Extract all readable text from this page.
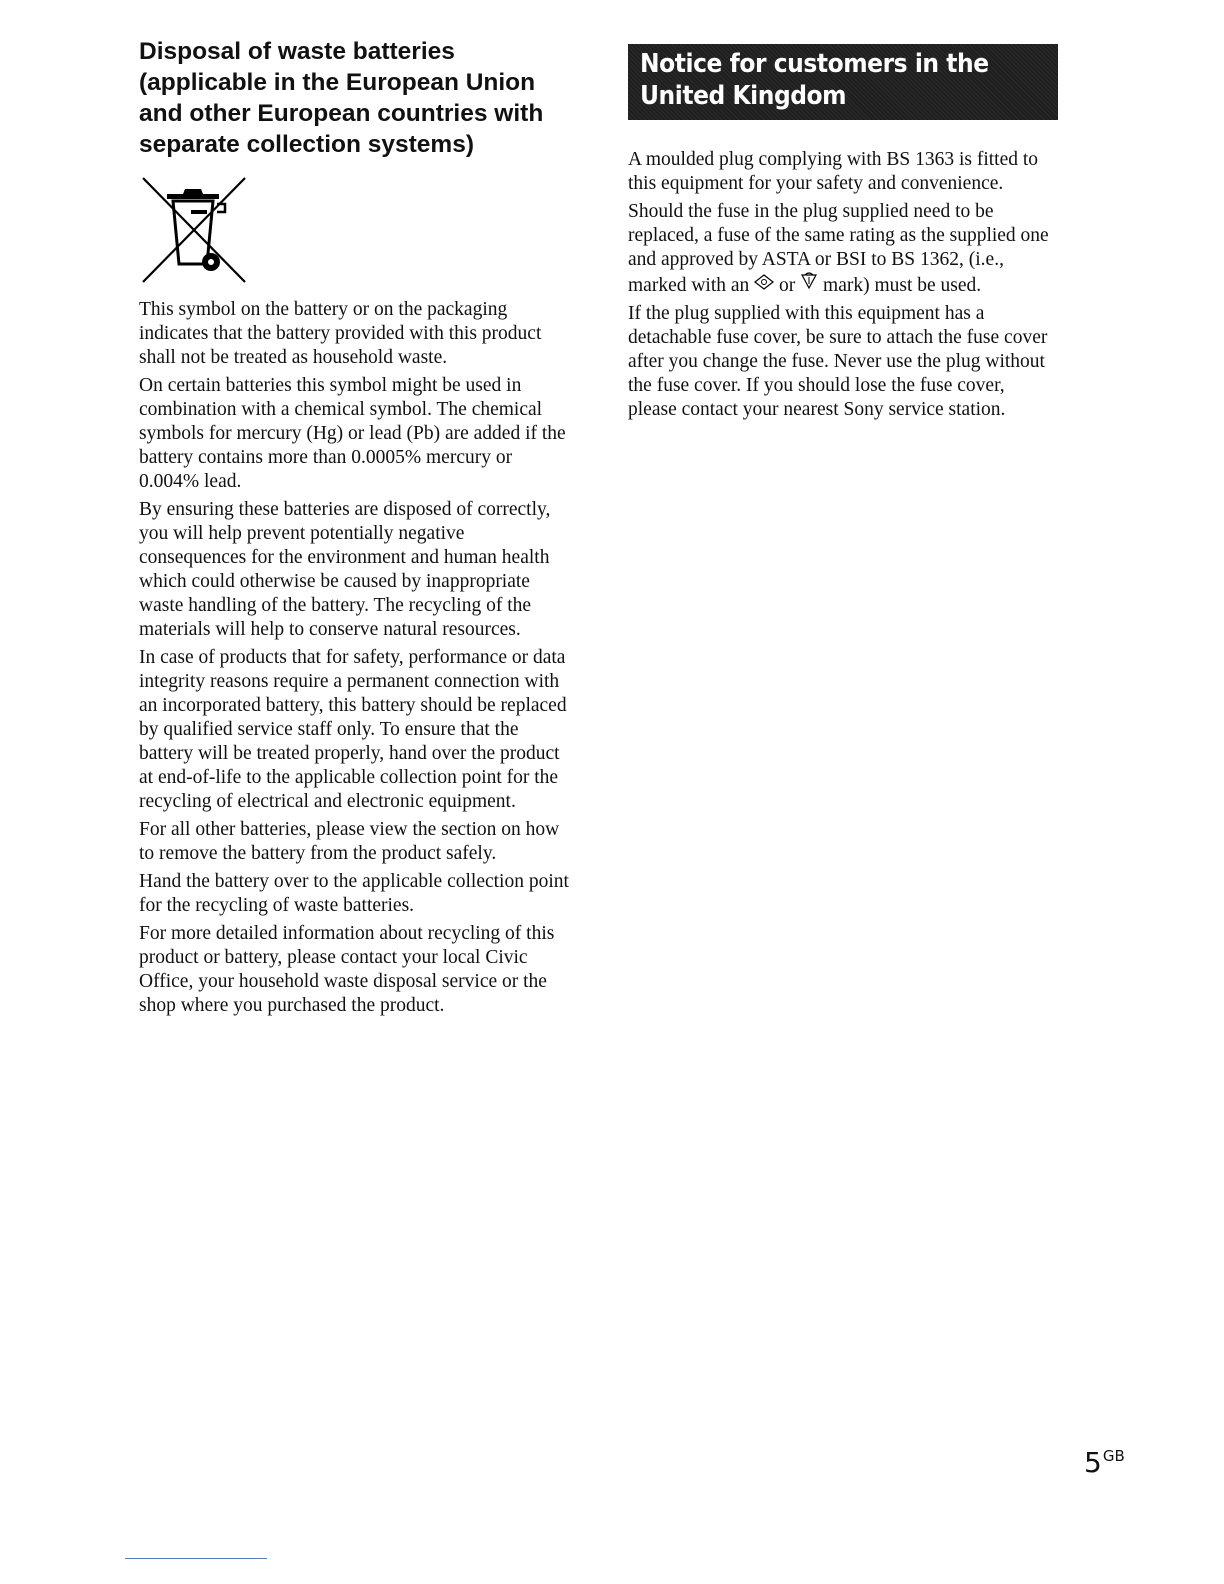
Disposal of waste batteries (applicable in the European Union and other European countries with separate collection systems)

This symbol on the battery or on the packaging indicates that the battery provided with this product shall not be treated as household waste.

On certain batteries this symbol might be used in combination with a chemical symbol. The chemical symbols for mercury (Hg) or lead (Pb) are added if the battery contains more than 0.0005% mercury or 0.004% lead.

By ensuring these batteries are disposed of correctly, you will help prevent potentially negative consequences for the environment and human health which could otherwise be caused by inappropriate waste handling of the battery. The recycling of the materials will help to conserve natural resources.

In case of products that for safety, performance or data integrity reasons require a permanent connection with an incorporated battery, this battery should be replaced by qualified service staff only. To ensure that the battery will be treated properly, hand over the product at end-of-life to the applicable collection point for the recycling of electrical and electronic equipment.

For all other batteries, please view the section on how to remove the battery from the product safely.

Hand the battery over to the applicable collection point for the recycling of waste batteries.

For more detailed information about recycling of this product or battery, please contact your local Civic Office, your household waste disposal service or the shop where you purchased the product.

Notice for customers in the
United Kingdom

A moulded plug complying with BS 1363 is fitted to this equipment for your safety and convenience.

Should the fuse in the plug supplied need to be replaced, a fuse of the same rating as the supplied one and approved by ASTA or BSI to BS 1362, (i.e., marked with an  or  mark) must be used.

If the plug supplied with this equipment has a detachable fuse cover, be sure to attach the fuse cover after you change the fuse. Never use the plug without the fuse cover. If you should lose the fuse cover, please contact your nearest Sony service station.

$5^{GB}$
